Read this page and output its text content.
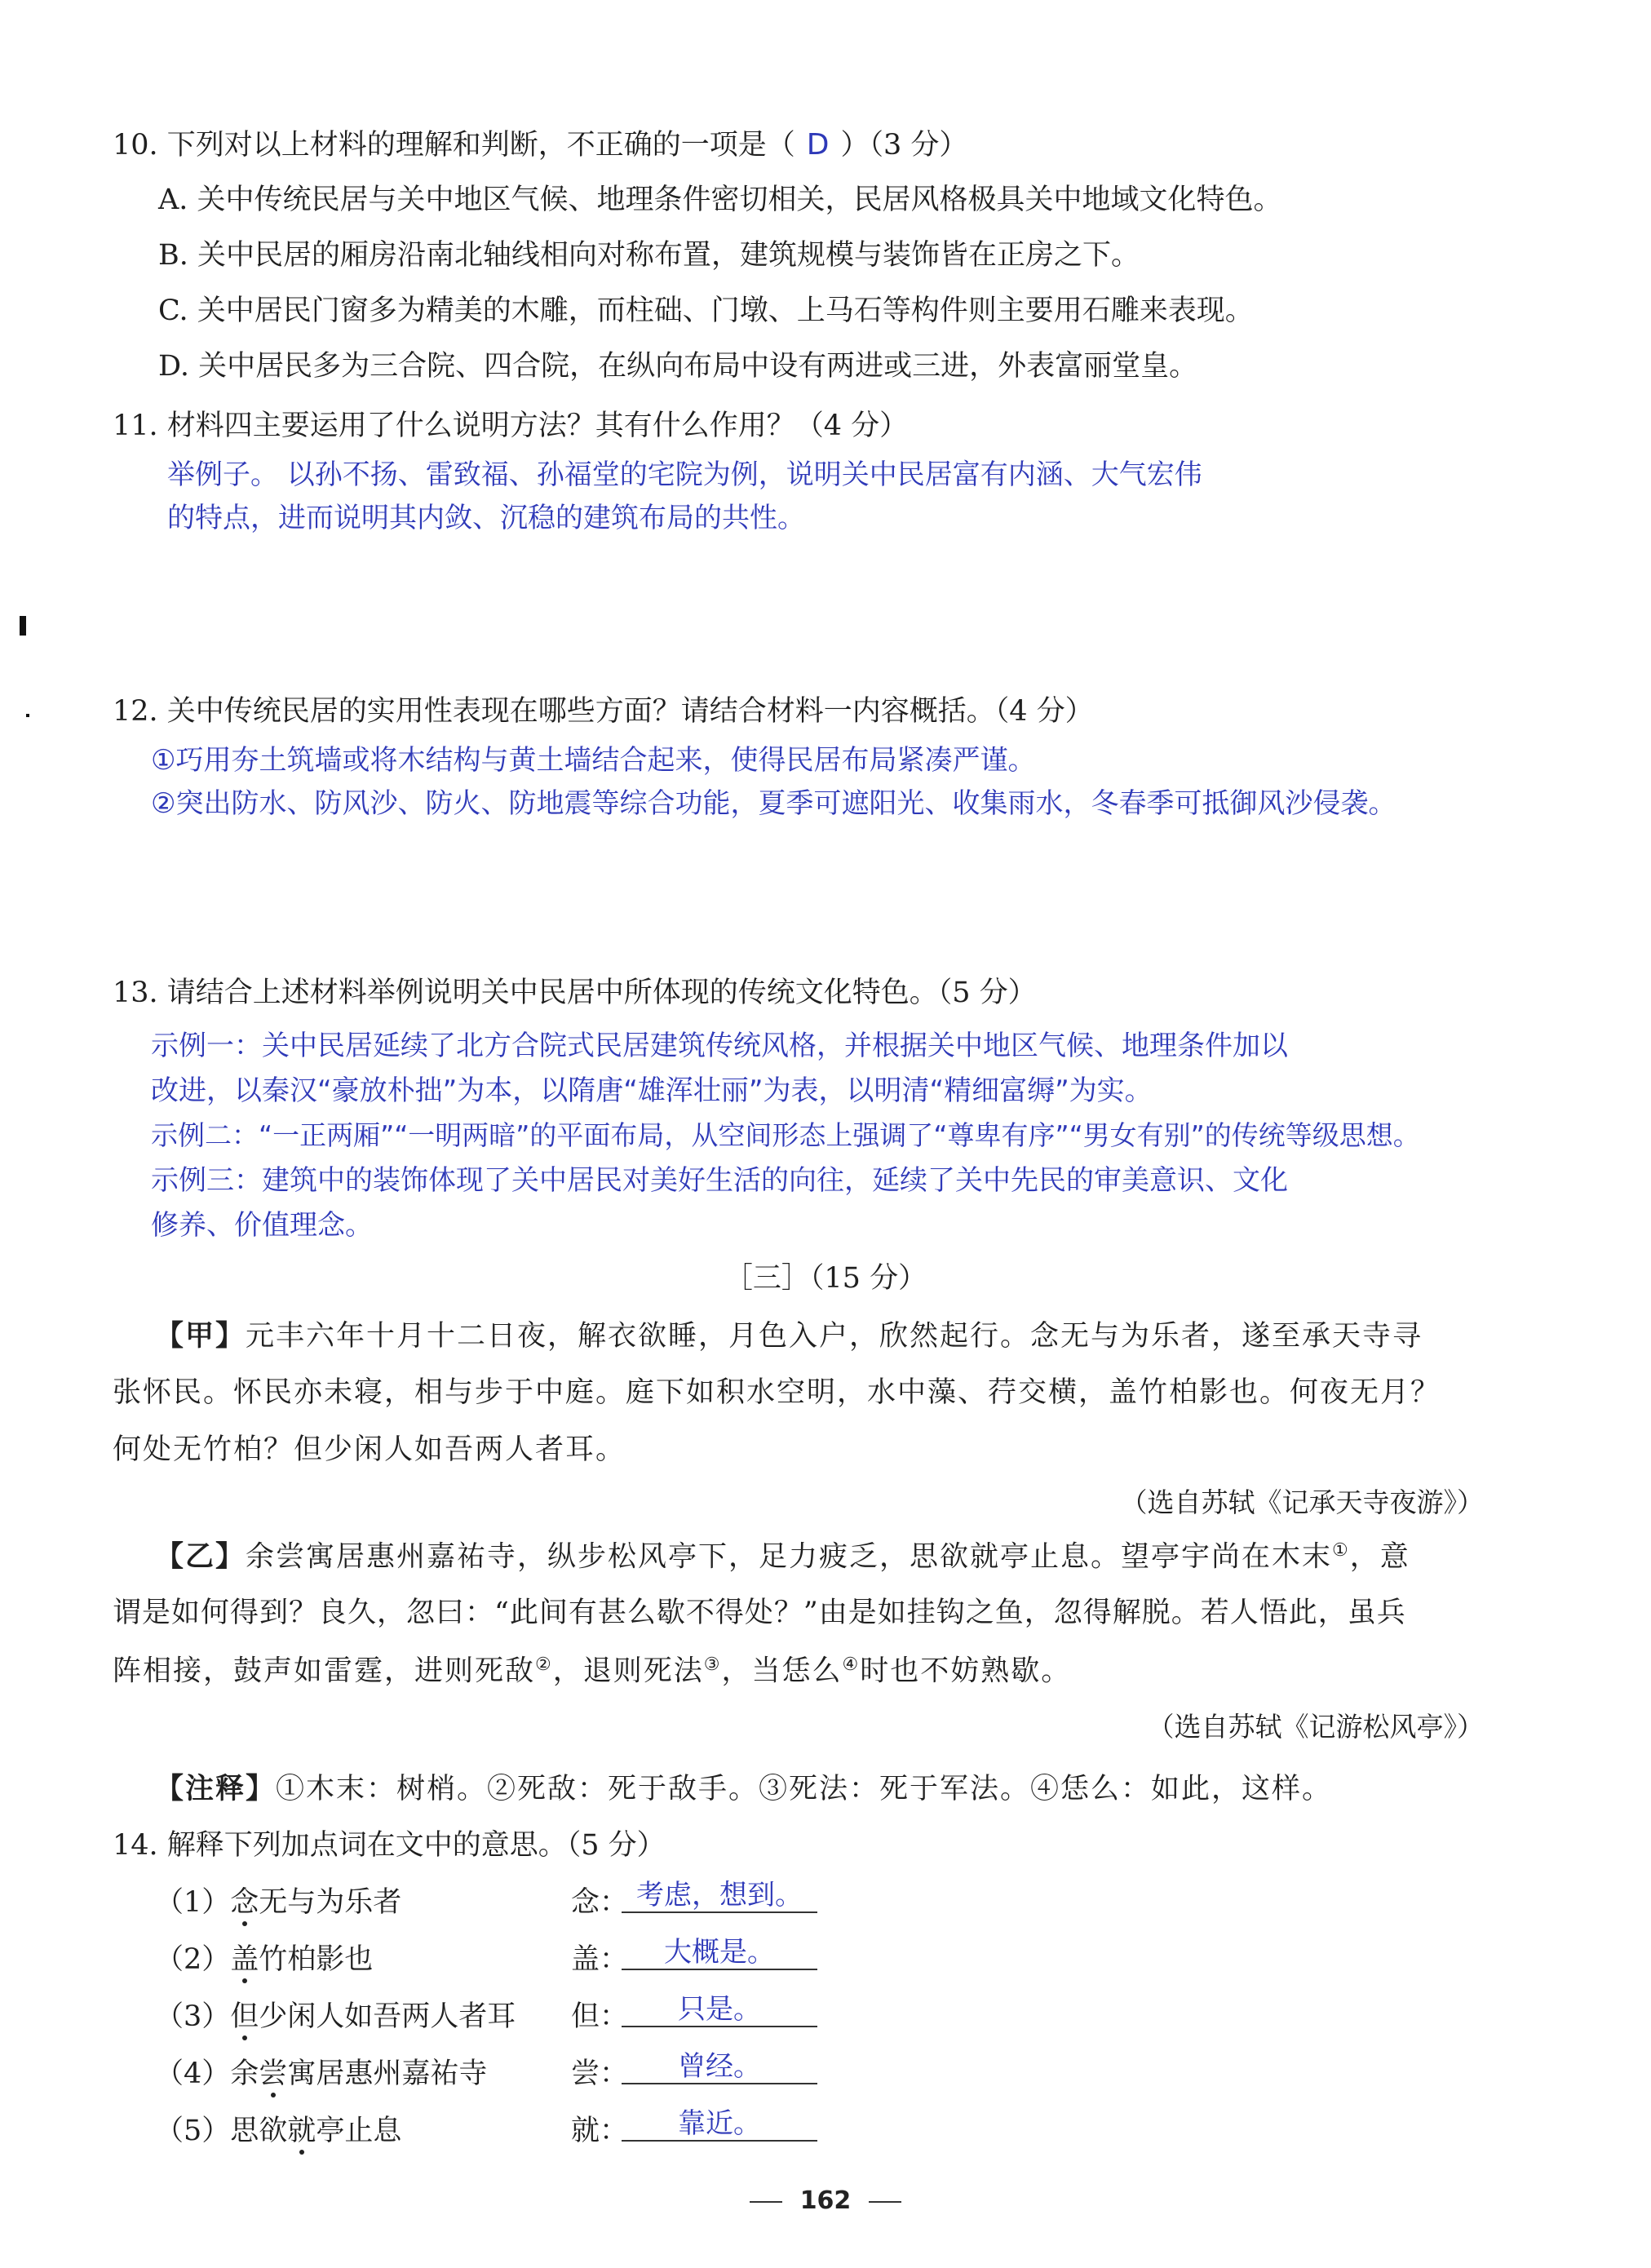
10. 下列对以上材料的理解和判断，不正确的一项是（ D ）（3 分）
A. 关中传统民居与关中地区气候、地理条件密切相关，民居风格极具关中地域文化特色。
B. 关中民居的厢房沿南北轴线相向对称布置，建筑规模与装饰皆在正房之下。
C. 关中居民门窗多为精美的木雕，而柱础、门墩、上马石等构件则主要用石雕来表现。
D. 关中居民多为三合院、四合院，在纵向布局中设有两进或三进，外表富丽堂皇。
11. 材料四主要运用了什么说明方法？其有什么作用？（4 分）
举例子。 以孙不扬、雷致福、孙福堂的宅院为例，说明关中民居富有内涵、大气宏伟
的特点，进而说明其内敛、沉稳的建筑布局的共性。
12. 关中传统民居的实用性表现在哪些方面？请结合材料一内容概括。（4 分）
①巧用夯土筑墙或将木结构与黄土墙结合起来，使得民居布局紧凑严谨。
②突出防水、防风沙、防火、防地震等综合功能，夏季可遮阳光、收集雨水，冬春季可抵御风沙侵袭。
13. 请结合上述材料举例说明关中民居中所体现的传统文化特色。（5 分）
示例一：关中民居延续了北方合院式民居建筑传统风格，并根据关中地区气候、地理条件加以
改进，以秦汉“豪放朴拙”为本，以隋唐“雄浑壮丽”为表，以明清“精细富缛”为实。
示例二：“一正两厢”“一明两暗”的平面布局，从空间形态上强调了“尊卑有序”“男女有别”的传统等级思想。
示例三：建筑中的装饰体现了关中居民对美好生活的向往，延续了关中先民的审美意识、文化
修养、价值理念。
［三］（15 分）
【甲】元丰六年十月十二日夜，解衣欲睡，月色入户，欣然起行。念无与为乐者，遂至承天寺寻
张怀民。怀民亦未寝，相与步于中庭。庭下如积水空明，水中藻、荇交横，盖竹柏影也。何夜无月？
何处无竹柏？但少闲人如吾两人者耳。
（选自苏轼《记承天寺夜游》）
【乙】余尝寓居惠州嘉祐寺，纵步松风亭下，足力疲乏，思欲就亭止息。望亭宇尚在木末①，意
谓是如何得到？良久，忽曰：“此间有甚么歇不得处？”由是如挂钩之鱼，忽得解脱。若人悟此，虽兵
阵相接，鼓声如雷霆，进则死敌②，退则死法③，当恁么④时也不妨熟歇。
（选自苏轼《记游松风亭》）
【注释】①木末：树梢。②死敌：死于敌手。③死法：死于军法。④恁么：如此，这样。
14. 解释下列加点词在文中的意思。（5 分）
（1）念无与为乐者	念： 考虑，想到。
（2）盖竹柏影也	盖：	大概是。
（3）但少闲人如吾两人者耳 但：	只是。
（4）余尝寓居惠州嘉祐寺	尝：	曾经。
（5）思欲就亭止息	就：	靠近。
162
